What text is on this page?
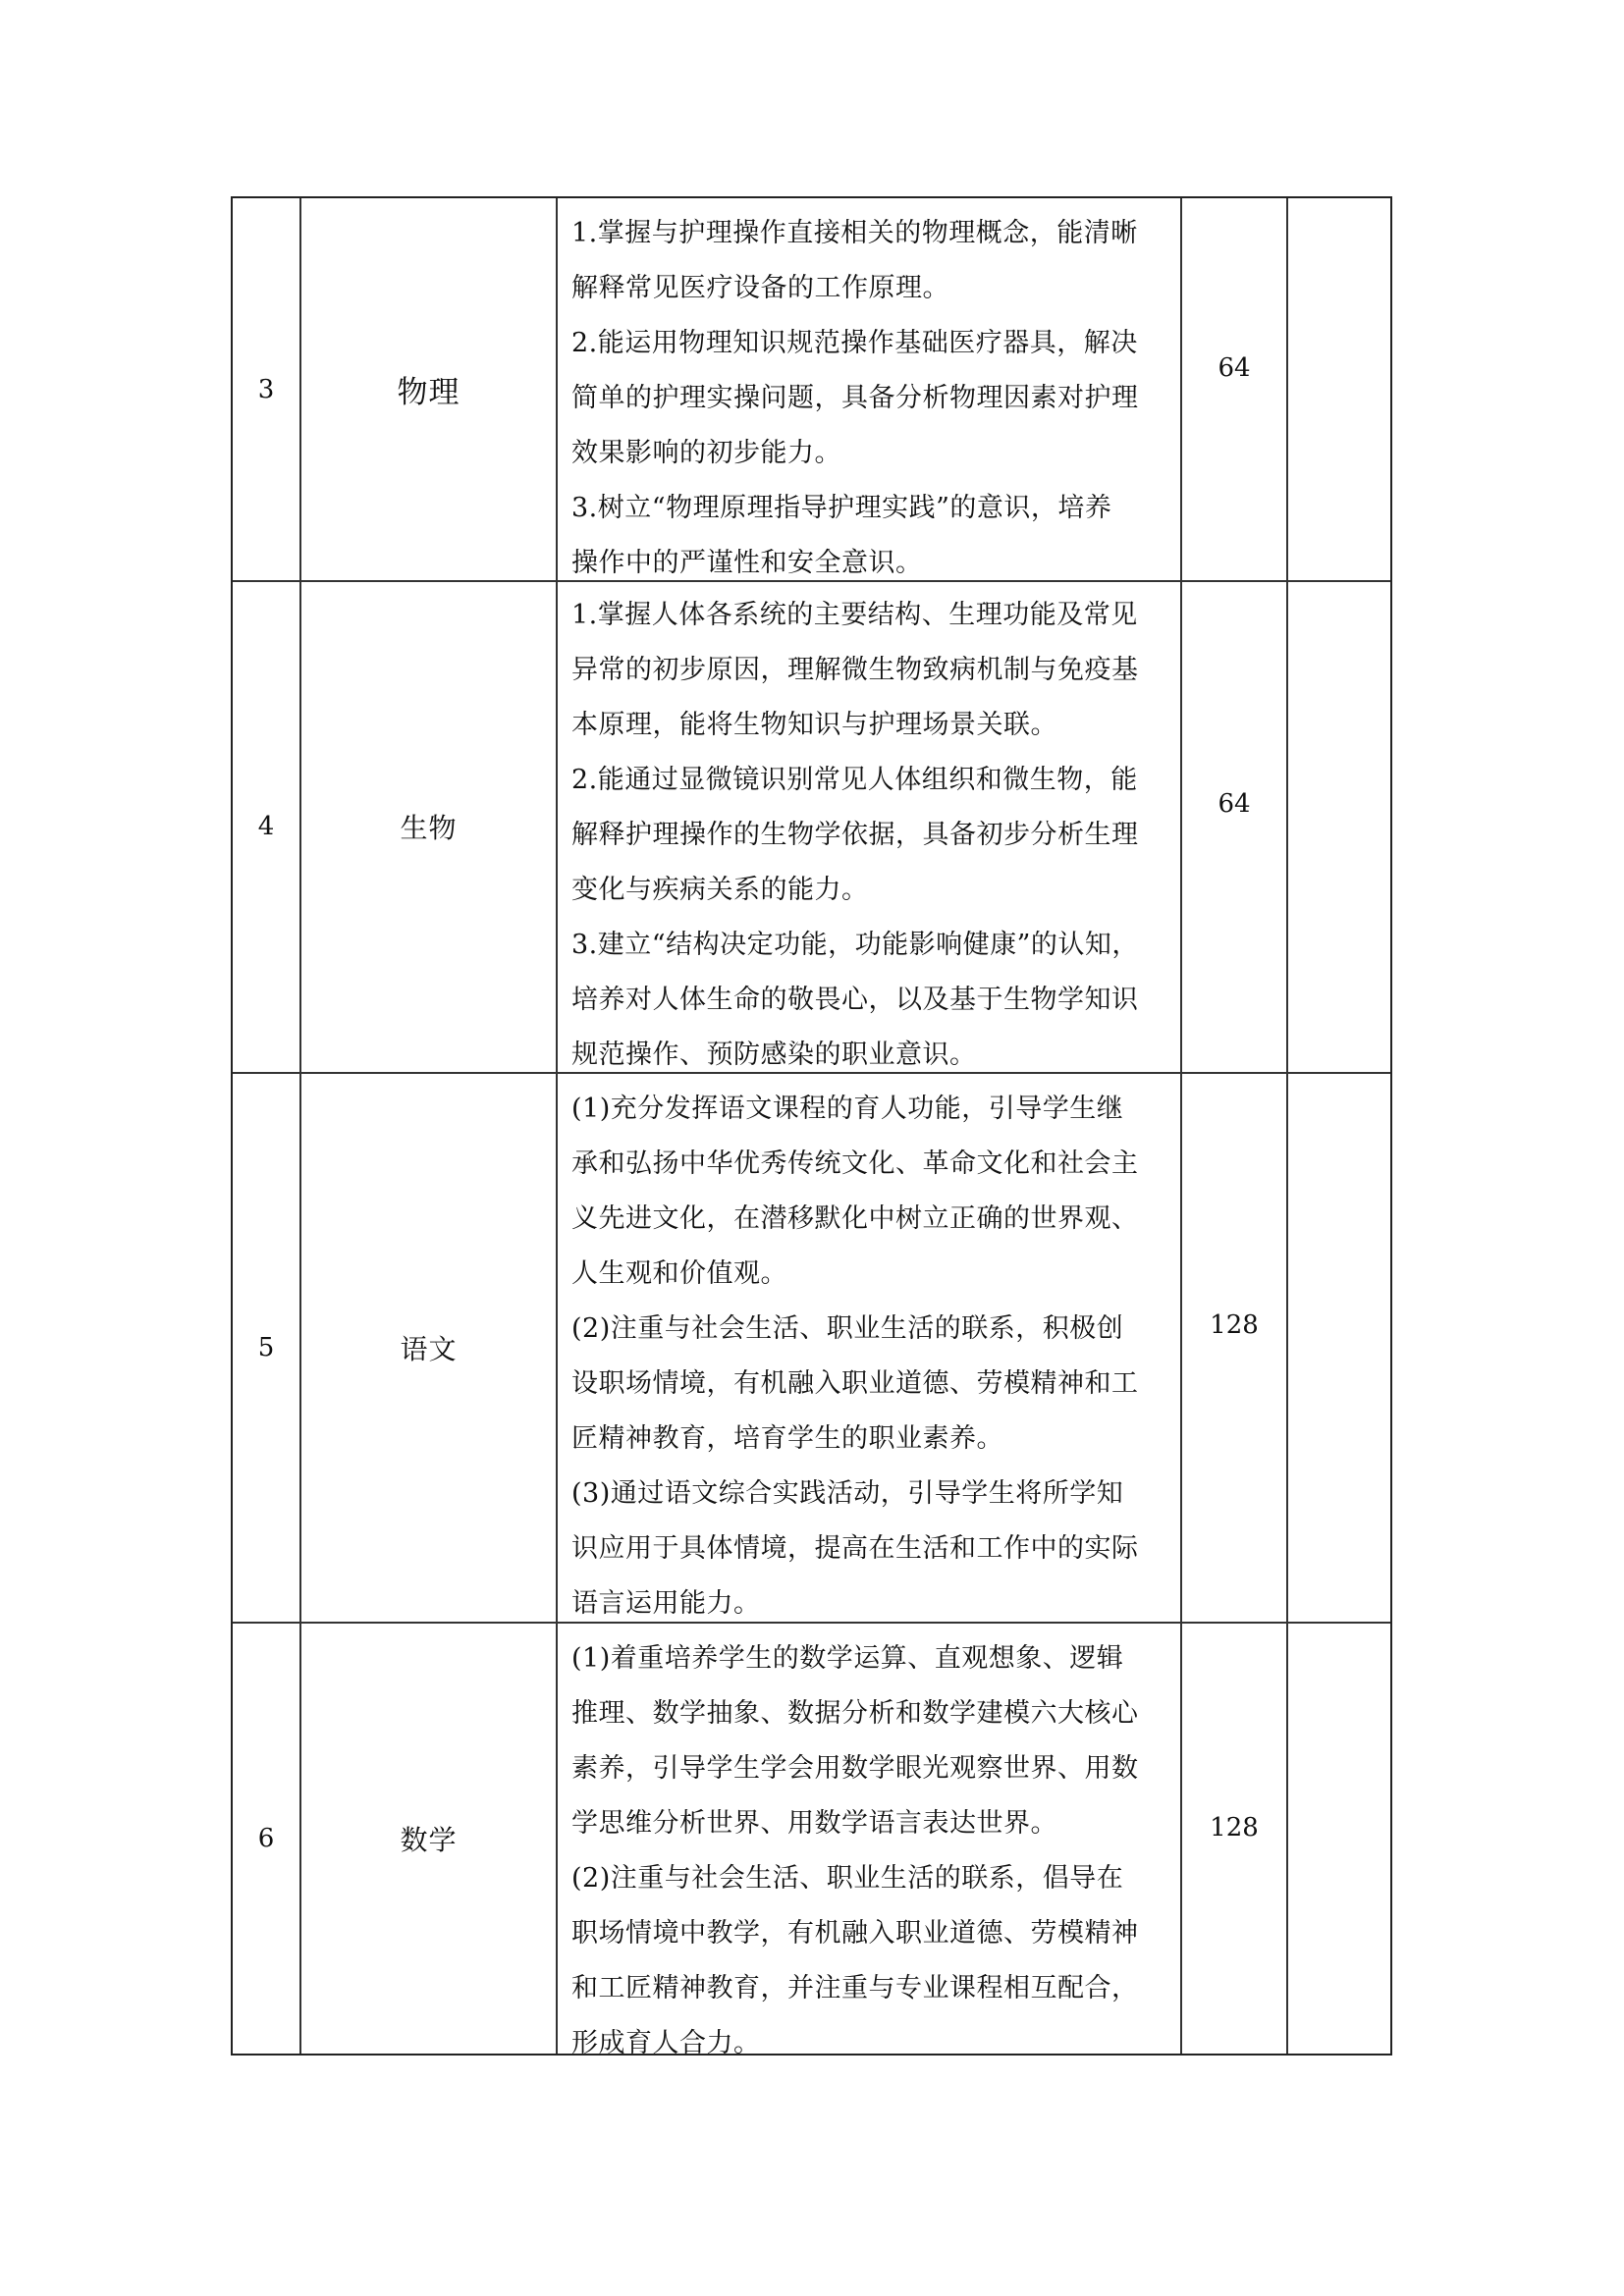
3	物理
1.掌握与护理操作直接相关的物理概念，能清晰
解释常见医疗设备的工作原理。
2.能运用物理知识规范操作基础医疗器具，解决
简单的护理实操问题，具备分析物理因素对护理
效果影响的初步能力。
3.树立“物理原理指导护理实践”的意识，培养
操作中的严谨性和安全意识。
64
4	生物
1.掌握人体各系统的主要结构、生理功能及常见
异常的初步原因，理解微生物致病机制与免疫基
本原理，能将生物知识与护理场景关联。
2.能通过显微镜识别常见人体组织和微生物，能
解释护理操作的生物学依据，具备初步分析生理
变化与疾病关系的能力。
3.建立“结构决定功能，功能影响健康”的认知，
培养对人体生命的敬畏心，以及基于生物学知识
规范操作、预防感染的职业意识。
64
5	语文
(1)充分发挥语文课程的育人功能，引导学生继
承和弘扬中华优秀传统文化、革命文化和社会主
义先进文化，在潜移默化中树立正确的世界观、
人生观和价值观。
(2)注重与社会生活、职业生活的联系，积极创
设职场情境，有机融入职业道德、劳模精神和工
匠精神教育，培育学生的职业素养。
(3)通过语文综合实践活动，引导学生将所学知
识应用于具体情境，提高在生活和工作中的实际
语言运用能力。
128
6	数学
(1)着重培养学生的数学运算、直观想象、逻辑
推理、数学抽象、数据分析和数学建模六大核心
素养，引导学生学会用数学眼光观察世界、用数
学思维分析世界、用数学语言表达世界。
(2)注重与社会生活、职业生活的联系，倡导在
职场情境中教学，有机融入职业道德、劳模精神
和工匠精神教育，并注重与专业课程相互配合，
形成育人合力。
128
